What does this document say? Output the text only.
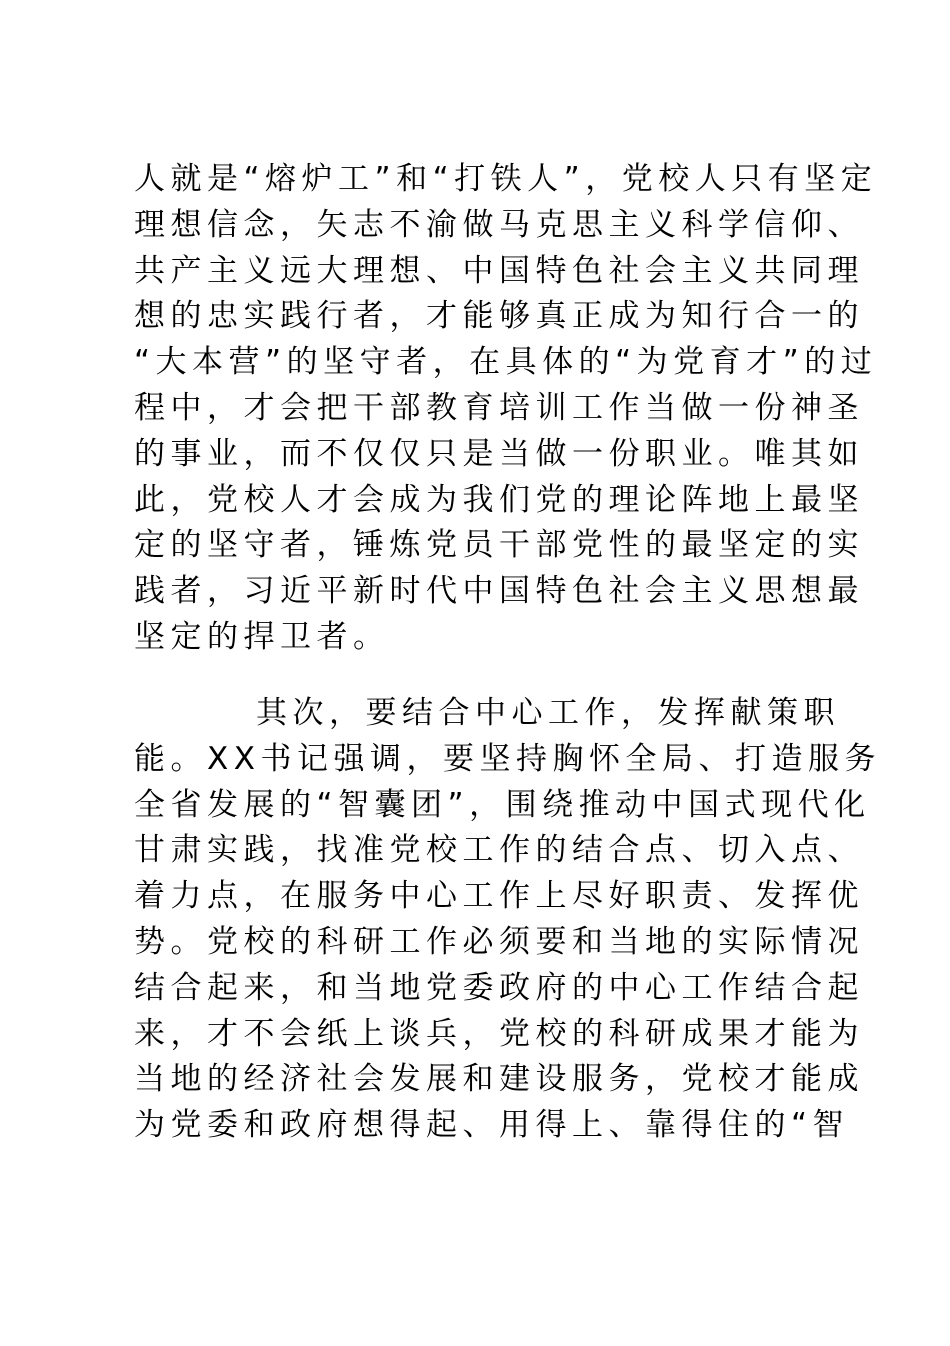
人就是“熔炉工”和“打铁人”，党校人只有坚定
理想信念，矢志不渝做马克思主义科学信仰、
共产主义远大理想、中国特色社会主义共同理
想的忠实践行者，才能够真正成为知行合一的
“大本营”的坚守者，在具体的“为党育才”的过
程中，才会把干部教育培训工作当做一份神圣
的事业，而不仅仅只是当做一份职业。唯其如
此，党校人才会成为我们党的理论阵地上最坚
定的坚守者，锤炼党员干部党性的最坚定的实
践者，习近平新时代中国特色社会主义思想最
坚定的捍卫者。
其次，要结合中心工作，发挥献策职
能。XX书记强调，要坚持胸怀全局、打造服务
全省发展的“智囊团”，围绕推动中国式现代化
甘肃实践，找准党校工作的结合点、切入点、
着力点，在服务中心工作上尽好职责、发挥优
势。党校的科研工作必须要和当地的实际情况
结合起来，和当地党委政府的中心工作结合起
来，才不会纸上谈兵，党校的科研成果才能为
当地的经济社会发展和建设服务，党校才能成
为党委和政府想得起、用得上、靠得住的“智
